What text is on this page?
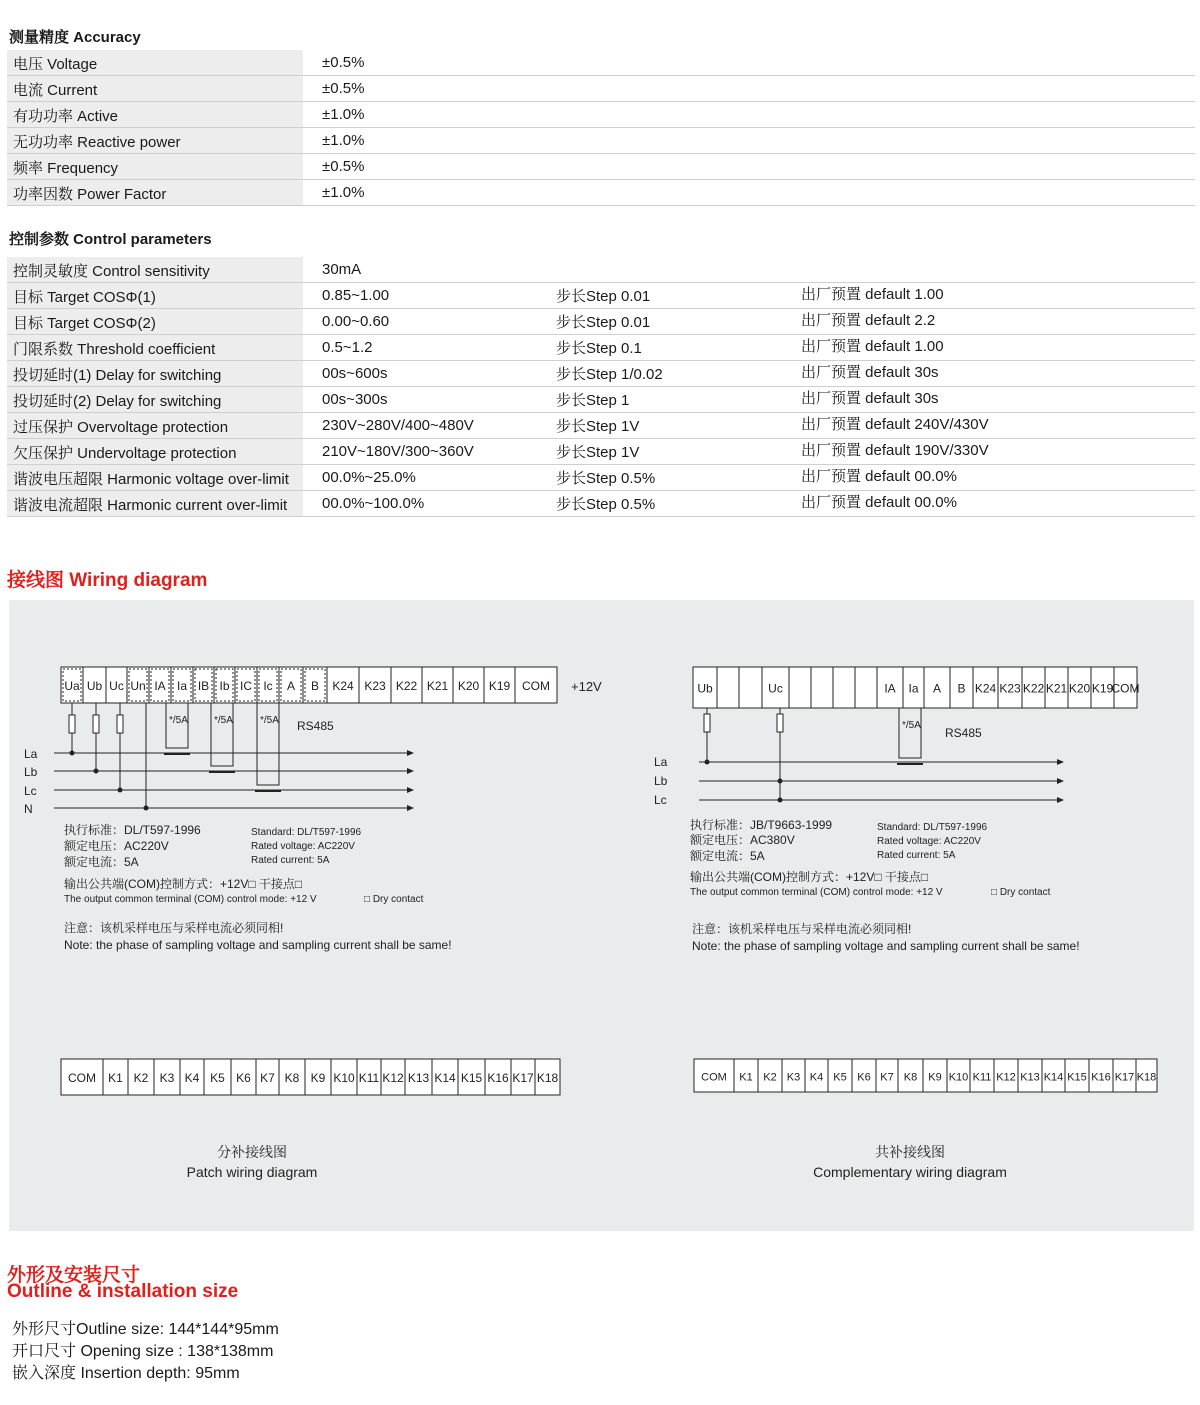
测量精度 Accuracy
电压 Voltage	±0.5%
电流 Current	±0.5%
有功功率 Active	±1.0%
无功功率 Reactive power	±1.0%
频率 Frequency	±0.5%
功率因数 Power Factor	±1.0%
控制参数 Control parameters
控制灵敏度 Control sensitivity	30mA
目标 Target COSΦ(1)	0.85~1.00	步长Step 0.01	出厂预置 default 1.00
目标 Target COSΦ(2)	0.00~0.60	步长Step 0.01	出厂预置 default 2.2
门限系数 Threshold coefficient	0.5~1.2	步长Step 0.1	出厂预置 default 1.00
投切延时(1) Delay for switching	00s~600s	步长Step 1/0.02	出厂预置 default 30s
投切延时(2) Delay for switching	00s~300s	步长Step 1	出厂预置 default 30s
过压保护 Overvoltage protection	230V~280V/400~480V	步长Step 1V	出厂预置 default 240V/430V
欠压保护 Undervoltage protection	210V~180V/300~360V	步长Step 1V	出厂预置 default 190V/330V
谐波电压超限 Harmonic voltage over-limit	00.0%~25.0%	步长Step 0.5%	出厂预置 default 00.0%
谐波电流超限 Harmonic current over-limit	00.0%~100.0%	步长Step 0.5%	出厂预置 default 00.0%
接线图 Wiring diagram
Ua Ub Uc Un IA Ia IB Ib IC Ic A B K24 K23 K22 K21 K20 K19 COM +12V
La
Lb
Lc
N
*/5A	*/5A	*/5A RS485
执行标准：DL/T597-1996
额定电压：AC220V
额定电流：5A
Standard: DL/T597-1996
Rated voltage: AC220V
Rated current: 5A
输出公共端(COM)控制方式：+12V□ 干接点□
The output common terminal (COM) control mode: +12 V	□ Dry contact
注意：该机采样电压与采样电流必须同相!
Note: the phase of sampling voltage and sampling current shall be same!
COM K1 K2 K3 K4 K5 K6 K7 K8 K9 K10 K11 K12 K13 K14 K15 K16 K17 K18
分补接线图
Patch wiring diagram
Ub	Uc	IA Ia A B K24 K23 K22 K21 K20 K19
COM
La
Lb
Lc
*/5A
RS485
执行标准：JB/T9663-1999
额定电压：AC380V
额定电流：5A
Standard: DL/T597-1996
Rated voltage: AC220V
Rated current: 5A
输出公共端(COM)控制方式：+12V□ 干接点□
The output common terminal (COM) control mode: +12 V	□ Dry contact
注意：该机采样电压与采样电流必须同相!
Note: the phase of sampling voltage and sampling current shall be same!
COM K1 K2 K3 K4 K5 K6 K7 K8 K9 K10 K11 K12 K13 K14 K15 K16 K17 K18
共补接线图
Complementary wiring diagram
外形及安装尺寸
Outline & installation size
外形尺寸Outline size: 144*144*95mm
开口尺寸 Opening size : 138*138mm
嵌入深度 Insertion depth: 95mm
